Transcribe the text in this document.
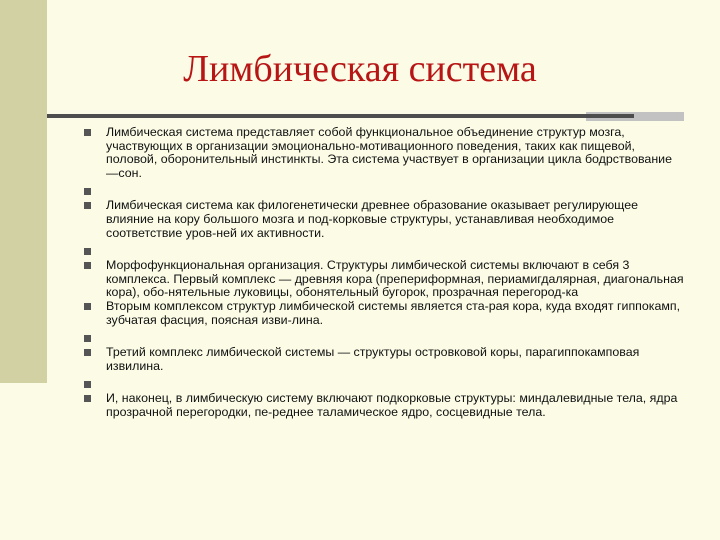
Лимбическая система
Лимбическая система представляет собой функциональное объединение структур мозга, участвующих в организации эмоционально-мотивационного поведения, таких как пищевой, половой, оборонительный инстинкты. Эта система участвует в организации цикла бодрствование—сон.
Лимбическая система как филогенетически древнее образование оказывает регулирующее влияние на кору большого мозга и под-корковые структуры, устанавливая необходимое соответствие уров-ней их активности.
Морфофункциональная организация. Структуры лимбической системы включают в себя 3 комплекса. Первый комплекс — древняя кора (препериформная, периамигдалярная, диагональная кора), обо-нятельные луковицы, обонятельный бугорок, прозрачная перегород-ка
Вторым комплексом структур лимбической системы является ста-рая кора, куда входят гиппокамп, зубчатая фасция, поясная изви-лина.
Третий комплекс лимбической системы — структуры островковой коры, парагиппокамповая извилина.
И, наконец, в лимбическую систему включают подкорковые структуры: миндалевидные тела, ядра прозрачной перегородки, пе-реднее таламическое ядро, сосцевидные тела.
